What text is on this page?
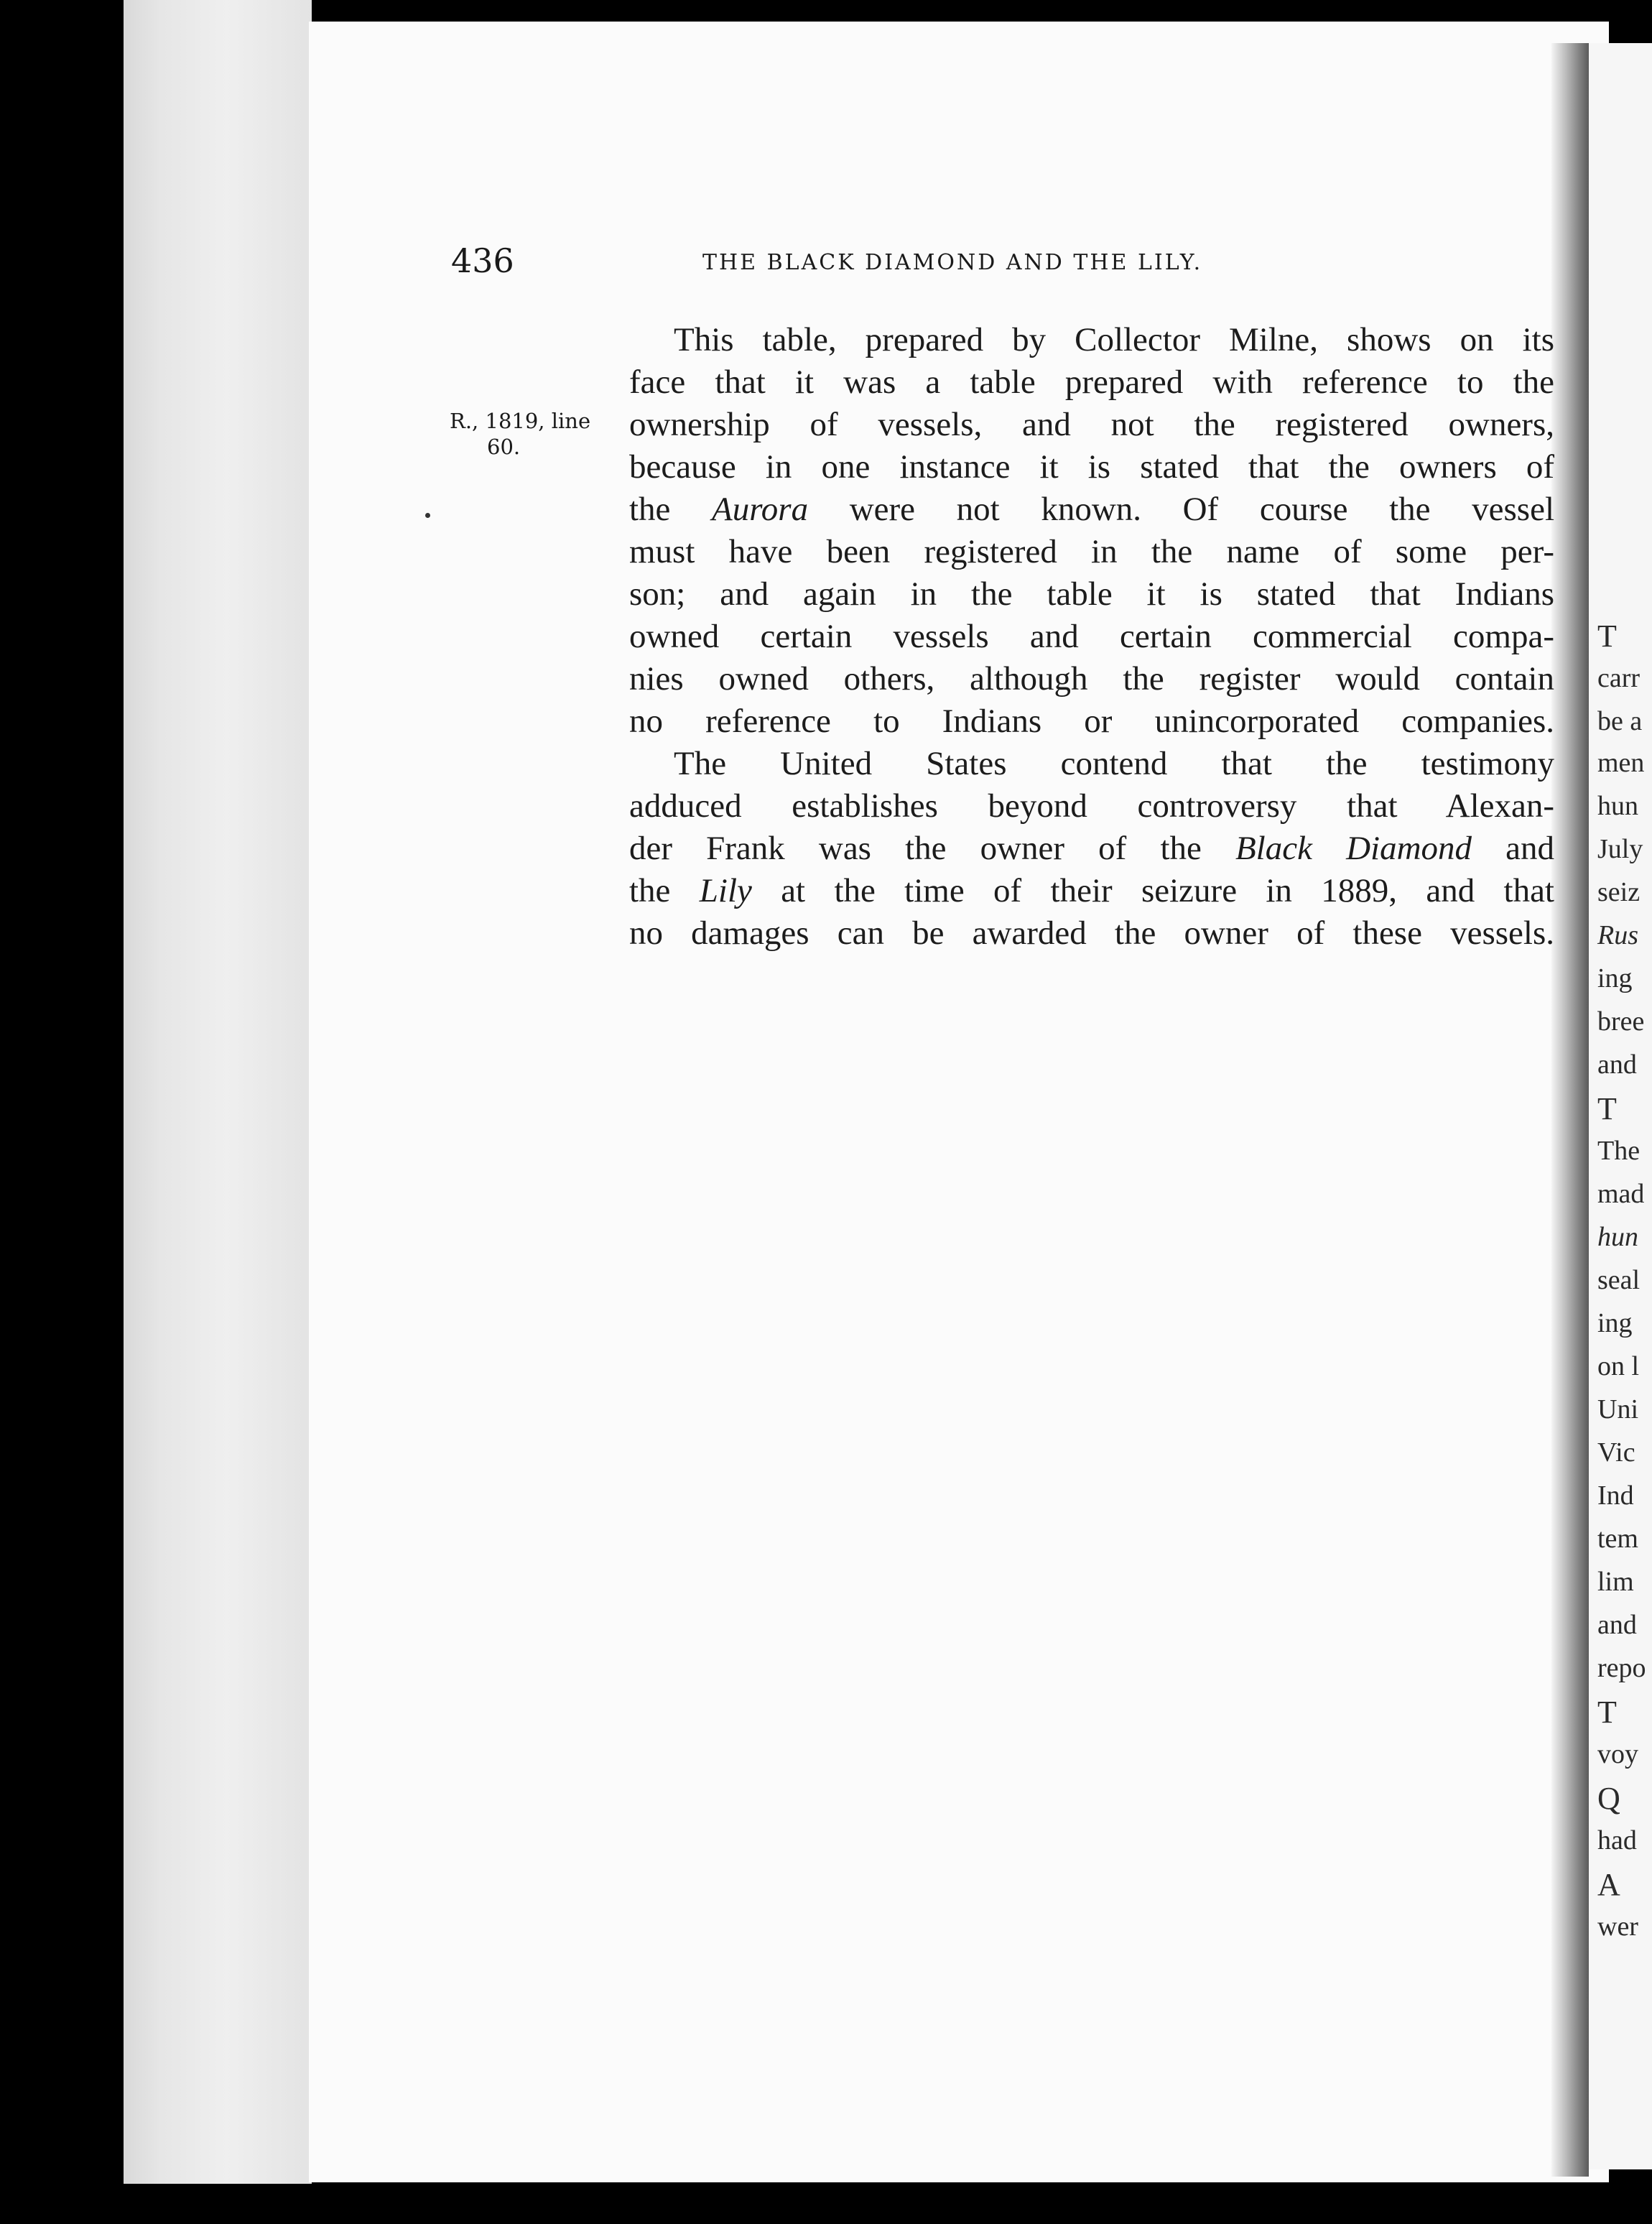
T
carr
be a
men
hun
July
seiz
Rus
ing
bree
and
T
The
mad
hun
seal
ing
on l
Uni
Vic
Ind
tem
lim
and
repo
T
voy
Q
had
A
wer
436	THE BLACK DIAMOND AND THE LILY.
R., 1819, line
60.
This table, prepared by Collector Milne, shows on its
face that it was a table prepared with reference to the
ownership of vessels, and not the registered owners,
because in one instance it is stated that the owners of
the Aurora were not known. Of course the vessel
must have been registered in the name of some per-
son; and again in the table it is stated that Indians
owned certain vessels and certain commercial compa-
nies owned others, although the register would contain
no reference to Indians or unincorporated companies.
The United States contend that the testimony
adduced establishes beyond controversy that Alexan-
der Frank was the owner of the Black Diamond and
the Lily at the time of their seizure in 1889, and that
no damages can be awarded the owner of these vessels.
